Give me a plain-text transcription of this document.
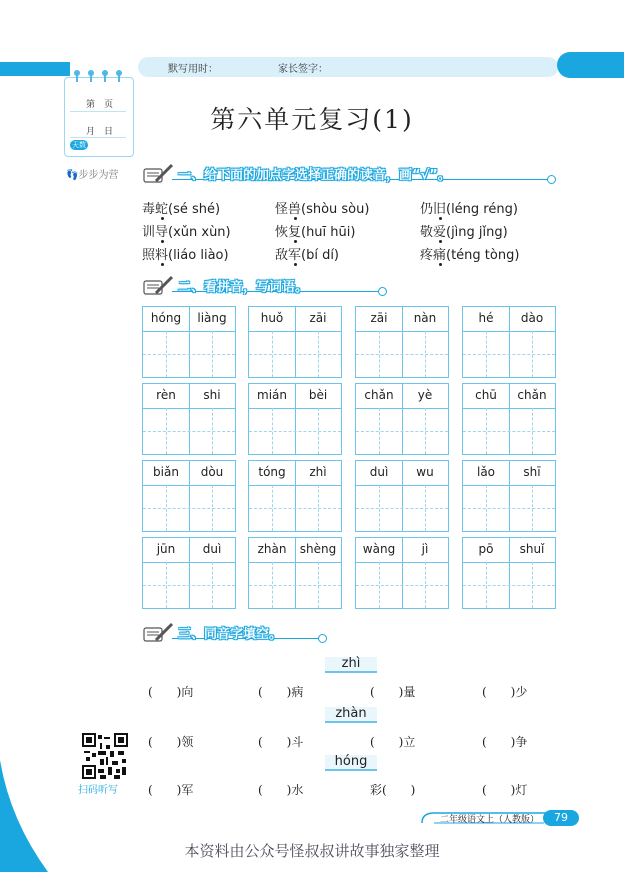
默写用时：	家长签字：
第　页
月　日
天数
👣步步为营
第六单元复习(1)
一、给下面的加点字选择正确的读音，画“√”。
毒蛇(sé shé)	怪兽(shòu sòu)	仍旧(léng réng)
训导(xǔn xùn)	恢复(huī hūi)	敬爱(jìng jǐng)
照料(liáo liào)	敌军(bí dí)	疼痛(téng tòng)
二、看拼音，写词语。
hóng	liàng	huǒ	zāi	zāi	nàn	hé	dào
rèn	shi	mián	bèi	chǎn	yè	chū	chǎn
biǎn	dòu	tóng	zhì	duì	wu	lǎo	shī
jūn	duì	zhàn	shèng	wàng	jì	pō	shuǐ
三、同音字填空。
zhì
(　　)向	(　　)病	(　　)量	(　　)少
zhàn
(　　)领	(　　)斗	(　　)立	(　　)争
hóng
(　　)军	(　　)水	彩(　　)	(　　)灯
扫码听写
二年级语文上（人教版）	79
本资料由公众号怪叔叔讲故事独家整理
